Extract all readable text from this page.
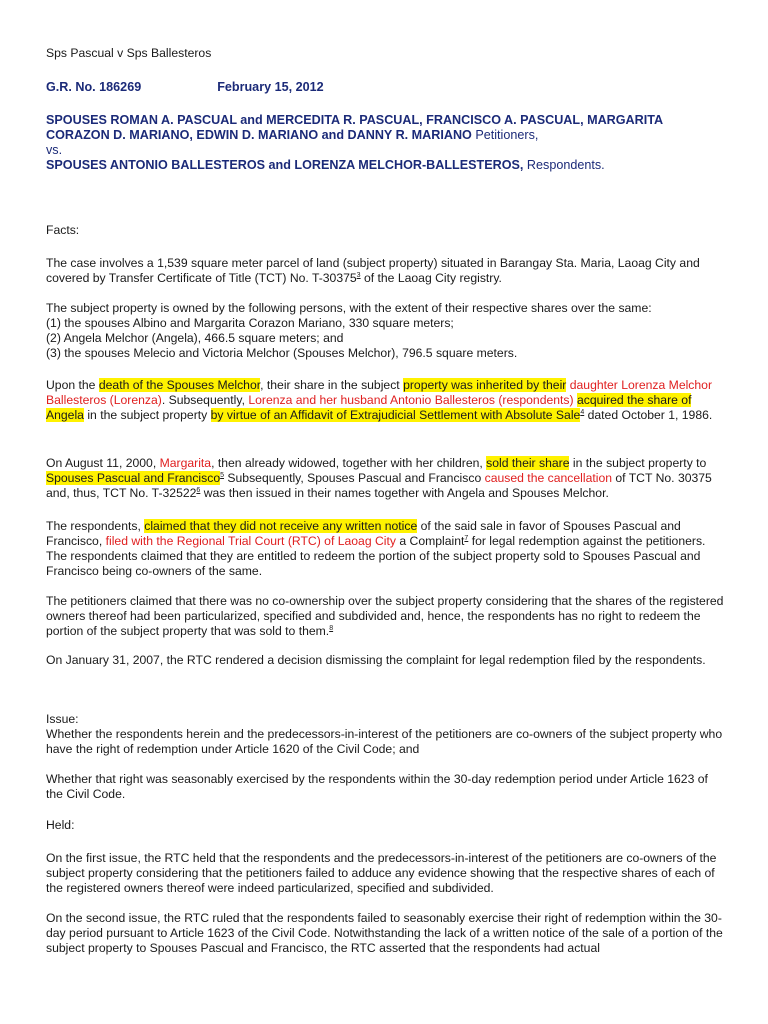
Sps Pascual v Sps Ballesteros

G.R. No. 186269	February 15, 2012

SPOUSES ROMAN A. PASCUAL and MERCEDITA R. PASCUAL, FRANCISCO A. PASCUAL, MARGARITA CORAZON D. MARIANO, EDWIN D. MARIANO and DANNY R. MARIANO Petitioners,
vs.
SPOUSES ANTONIO BALLESTEROS and LORENZA MELCHOR-BALLESTEROS, Respondents.

Facts:

The case involves a 1,539 square meter parcel of land (subject property) situated in Barangay Sta. Maria, Laoag City and covered by Transfer Certificate of Title (TCT) No. T-30375$^3$ of the Laoag City registry.

The subject property is owned by the following persons, with the extent of their respective shares over the same:
(1) the spouses Albino and Margarita Corazon Mariano, 330 square meters;
(2) Angela Melchor (Angela), 466.5 square meters; and
(3) the spouses Melecio and Victoria Melchor (Spouses Melchor), 796.5 square meters.

Upon the death of the Spouses Melchor, their share in the subject property was inherited by their daughter Lorenza Melchor Ballesteros (Lorenza). Subsequently, Lorenza and her husband Antonio Ballesteros (respondents) acquired the share of Angela in the subject property by virtue of an Affidavit of Extrajudicial Settlement with Absolute Sale$^4$ dated October 1, 1986.

On August 11, 2000, Margarita, then already widowed, together with her children, sold their share in the subject property to Spouses Pascual and Francisco$^5$ Subsequently, Spouses Pascual and Francisco caused the cancellation of TCT No. 30375 and, thus, TCT No. T-32522$^6$ was then issued in their names together with Angela and Spouses Melchor.

The respondents, claimed that they did not receive any written notice of the said sale in favor of Spouses Pascual and Francisco, filed with the Regional Trial Court (RTC) of Laoag City a Complaint$^7$ for legal redemption against the petitioners. The respondents claimed that they are entitled to redeem the portion of the subject property sold to Spouses Pascual and Francisco being co-owners of the same.

The petitioners claimed that there was no co-ownership over the subject property considering that the shares of the registered owners thereof had been particularized, specified and subdivided and, hence, the respondents has no right to redeem the portion of the subject property that was sold to them.$^8$

On January 31, 2007, the RTC rendered a decision dismissing the complaint for legal redemption filed by the respondents.

Issue:
Whether the respondents herein and the predecessors-in-interest of the petitioners are co-owners of the subject property who have the right of redemption under Article 1620 of the Civil Code; and

Whether that right was seasonably exercised by the respondents within the 30-day redemption period under Article 1623 of the Civil Code.

Held:

On the first issue, the RTC held that the respondents and the predecessors-in-interest of the petitioners are co-owners of the subject property considering that the petitioners failed to adduce any evidence showing that the respective shares of each of the registered owners thereof were indeed particularized, specified and subdivided.

On the second issue, the RTC ruled that the respondents failed to seasonably exercise their right of redemption within the 30-day period pursuant to Article 1623 of the Civil Code. Notwithstanding the lack of a written notice of the sale of a portion of the subject property to Spouses Pascual and Francisco, the RTC asserted that the respondents had actual
